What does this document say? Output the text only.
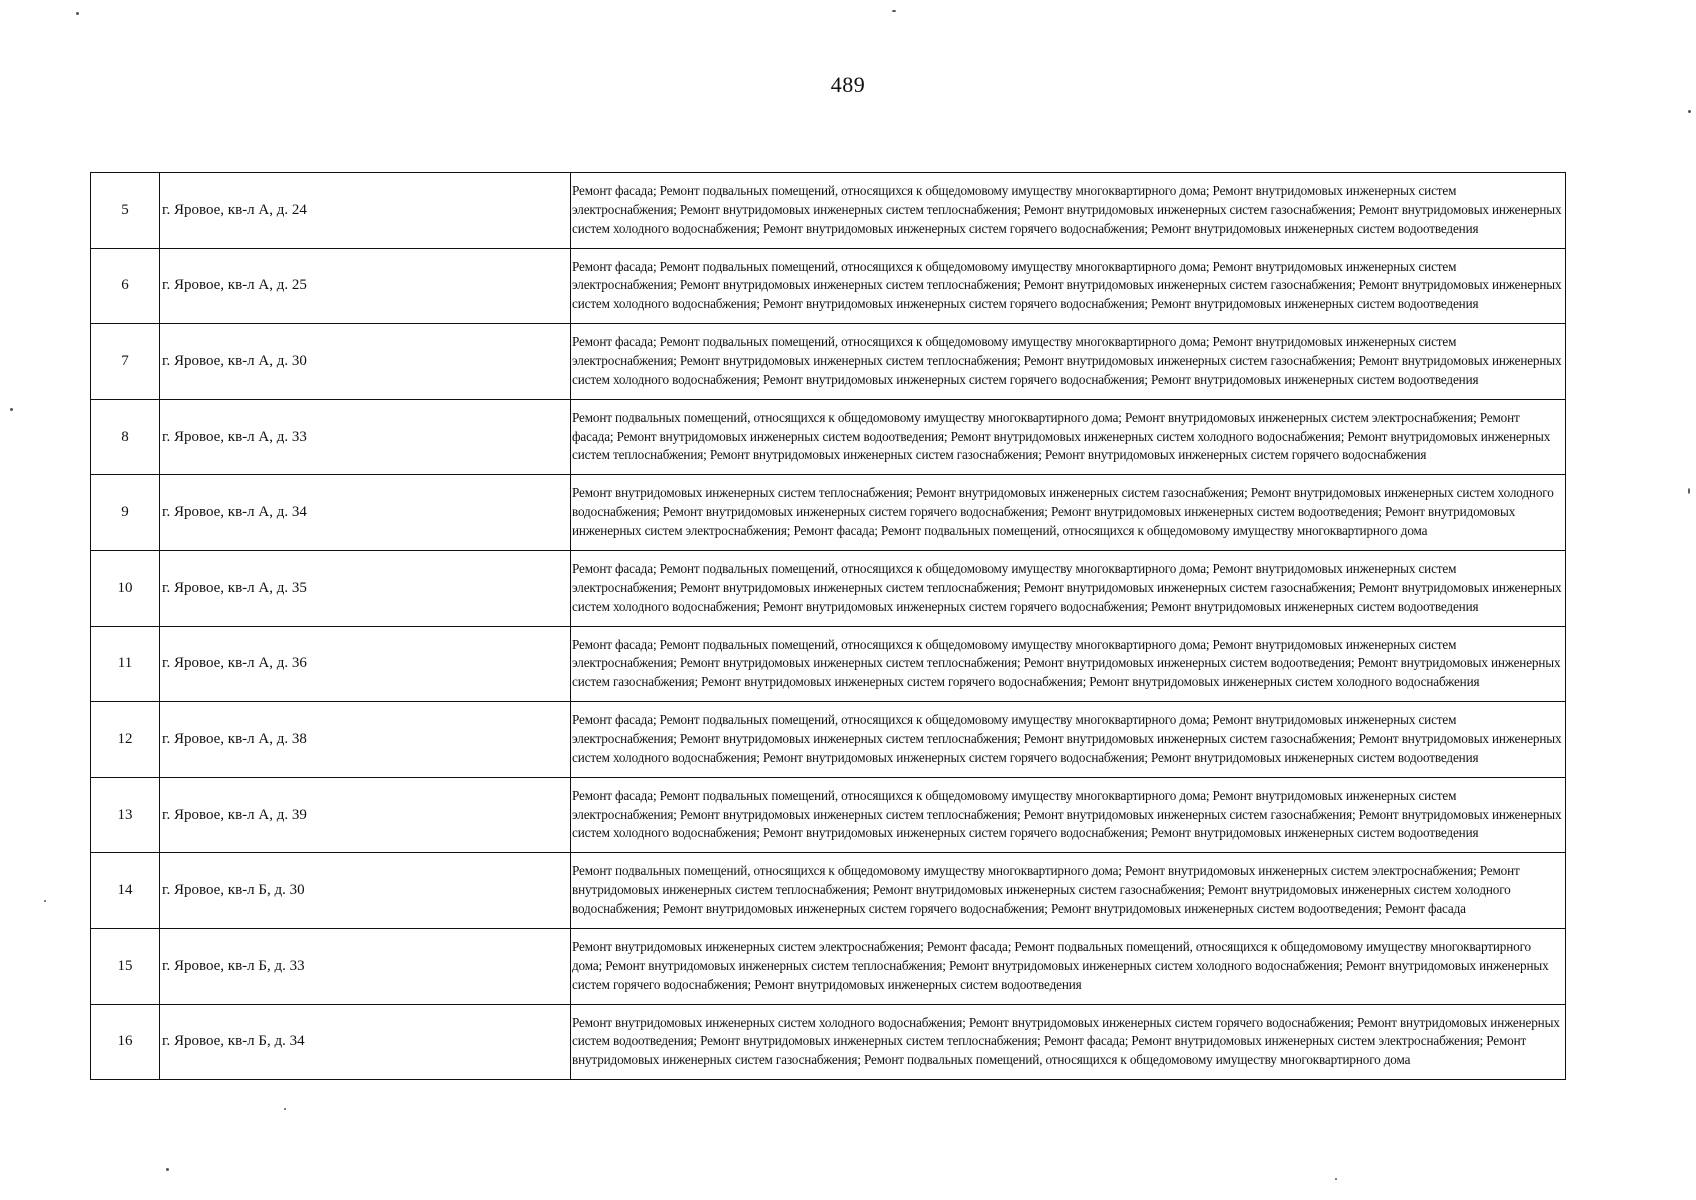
489
5	г. Яровое, кв-л А, д. 24	Ремонт фасада; Ремонт подвальных помещений, относящихся к общедомовому имуществу многоквартирного дома; Ремонт внутридомовых инженерных систем электроснабжения; Ремонт внутридомовых инженерных систем теплоснабжения; Ремонт внутридомовых инженерных систем газоснабжения; Ремонт внутридомовых инженерных систем холодного водоснабжения; Ремонт внутридомовых инженерных систем горячего водоснабжения; Ремонт внутридомовых инженерных систем водоотведения
6	г. Яровое, кв-л А, д. 25	Ремонт фасада; Ремонт подвальных помещений, относящихся к общедомовому имуществу многоквартирного дома; Ремонт внутридомовых инженерных систем электроснабжения; Ремонт внутридомовых инженерных систем теплоснабжения; Ремонт внутридомовых инженерных систем газоснабжения; Ремонт внутридомовых инженерных систем холодного водоснабжения; Ремонт внутридомовых инженерных систем горячего водоснабжения; Ремонт внутридомовых инженерных систем водоотведения
7	г. Яровое, кв-л А, д. 30	Ремонт фасада; Ремонт подвальных помещений, относящихся к общедомовому имуществу многоквартирного дома; Ремонт внутридомовых инженерных систем электроснабжения; Ремонт внутридомовых инженерных систем теплоснабжения; Ремонт внутридомовых инженерных систем газоснабжения; Ремонт внутридомовых инженерных систем холодного водоснабжения; Ремонт внутридомовых инженерных систем горячего водоснабжения; Ремонт внутридомовых инженерных систем водоотведения
8	г. Яровое, кв-л А, д. 33	Ремонт подвальных помещений, относящихся к общедомовому имуществу многоквартирного дома; Ремонт внутридомовых инженерных систем электроснабжения; Ремонт фасада; Ремонт внутридомовых инженерных систем водоотведения; Ремонт внутридомовых инженерных систем холодного водоснабжения; Ремонт внутридомовых инженерных систем теплоснабжения; Ремонт внутридомовых инженерных систем газоснабжения; Ремонт внутридомовых инженерных систем горячего водоснабжения
9	г. Яровое, кв-л А, д. 34	Ремонт внутридомовых инженерных систем теплоснабжения; Ремонт внутридомовых инженерных систем газоснабжения; Ремонт внутридомовых инженерных систем холодного водоснабжения; Ремонт внутридомовых инженерных систем горячего водоснабжения; Ремонт внутридомовых инженерных систем водоотведения; Ремонт внутридомовых инженерных систем электроснабжения; Ремонт фасада; Ремонт подвальных помещений, относящихся к общедомовому имуществу многоквартирного дома
10	г. Яровое, кв-л А, д. 35	Ремонт фасада; Ремонт подвальных помещений, относящихся к общедомовому имуществу многоквартирного дома; Ремонт внутридомовых инженерных систем электроснабжения; Ремонт внутридомовых инженерных систем теплоснабжения; Ремонт внутридомовых инженерных систем газоснабжения; Ремонт внутридомовых инженерных систем холодного водоснабжения; Ремонт внутридомовых инженерных систем горячего водоснабжения; Ремонт внутридомовых инженерных систем водоотведения
11	г. Яровое, кв-л А, д. 36	Ремонт фасада; Ремонт подвальных помещений, относящихся к общедомовому имуществу многоквартирного дома; Ремонт внутридомовых инженерных систем электроснабжения; Ремонт внутридомовых инженерных систем теплоснабжения; Ремонт внутридомовых инженерных систем водоотведения; Ремонт внутридомовых инженерных систем газоснабжения; Ремонт внутридомовых инженерных систем горячего водоснабжения; Ремонт внутридомовых инженерных систем холодного водоснабжения
12	г. Яровое, кв-л А, д. 38	Ремонт фасада; Ремонт подвальных помещений, относящихся к общедомовому имуществу многоквартирного дома; Ремонт внутридомовых инженерных систем электроснабжения; Ремонт внутридомовых инженерных систем теплоснабжения; Ремонт внутридомовых инженерных систем газоснабжения; Ремонт внутридомовых инженерных систем холодного водоснабжения; Ремонт внутридомовых инженерных систем горячего водоснабжения; Ремонт внутридомовых инженерных систем водоотведения
13	г. Яровое, кв-л А, д. 39	Ремонт фасада; Ремонт подвальных помещений, относящихся к общедомовому имуществу многоквартирного дома; Ремонт внутридомовых инженерных систем электроснабжения; Ремонт внутридомовых инженерных систем теплоснабжения; Ремонт внутридомовых инженерных систем газоснабжения; Ремонт внутридомовых инженерных систем холодного водоснабжения; Ремонт внутридомовых инженерных систем горячего водоснабжения; Ремонт внутридомовых инженерных систем водоотведения
14	г. Яровое, кв-л Б, д. 30	Ремонт подвальных помещений, относящихся к общедомовому имуществу многоквартирного дома; Ремонт внутридомовых инженерных систем электроснабжения; Ремонт внутридомовых инженерных систем теплоснабжения; Ремонт внутридомовых инженерных систем газоснабжения; Ремонт внутридомовых инженерных систем холодного водоснабжения; Ремонт внутридомовых инженерных систем горячего водоснабжения; Ремонт внутридомовых инженерных систем водоотведения; Ремонт фасада
15	г. Яровое, кв-л Б, д. 33	Ремонт внутридомовых инженерных систем электроснабжения; Ремонт фасада; Ремонт подвальных помещений, относящихся к общедомовому имуществу многоквартирного дома; Ремонт внутридомовых инженерных систем теплоснабжения; Ремонт внутридомовых инженерных систем холодного водоснабжения; Ремонт внутридомовых инженерных систем горячего водоснабжения; Ремонт внутридомовых инженерных систем водоотведения
16	г. Яровое, кв-л Б, д. 34	Ремонт внутридомовых инженерных систем холодного водоснабжения; Ремонт внутридомовых инженерных систем горячего водоснабжения; Ремонт внутридомовых инженерных систем водоотведения; Ремонт внутридомовых инженерных систем теплоснабжения; Ремонт фасада; Ремонт внутридомовых инженерных систем электроснабжения; Ремонт внутридомовых инженерных систем газоснабжения; Ремонт подвальных помещений, относящихся к общедомовому имуществу многоквартирного дома
